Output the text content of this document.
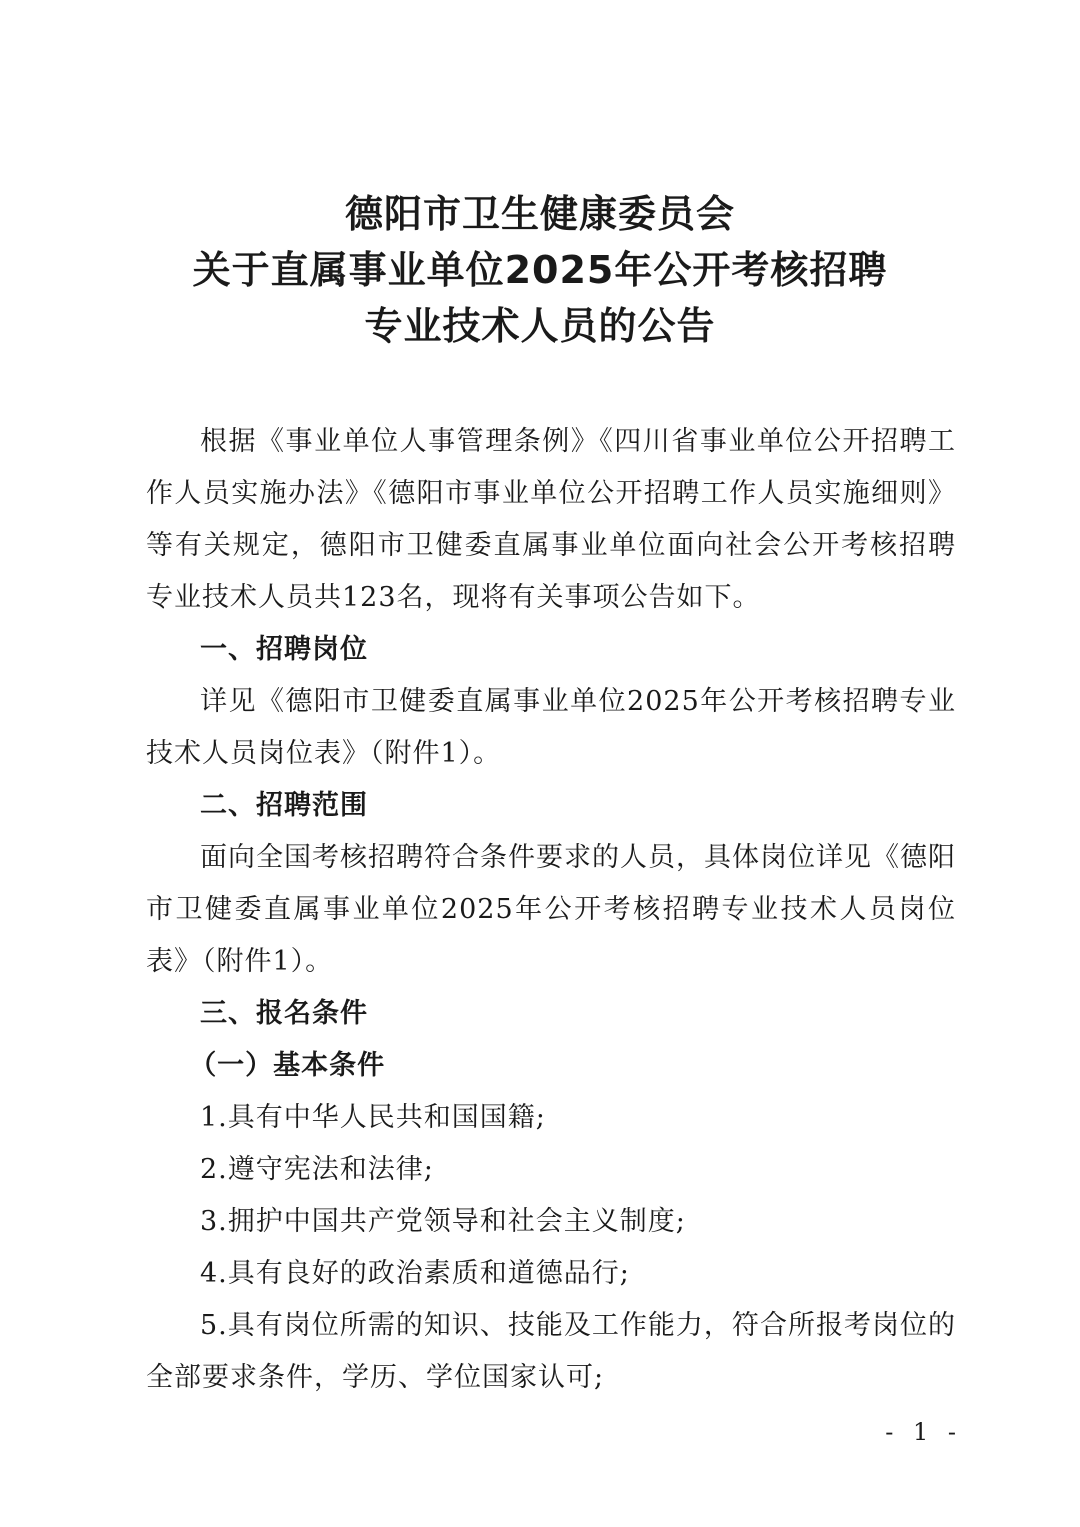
德阳市卫生健康委员会
关于直属事业单位2025年公开考核招聘
专业技术人员的公告

根据《事业单位人事管理条例》《四川省事业单位公开招聘工作人员实施办法》《德阳市事业单位公开招聘工作人员实施细则》等有关规定，德阳市卫健委直属事业单位面向社会公开考核招聘专业技术人员共123名，现将有关事项公告如下。

一、招聘岗位

详见《德阳市卫健委直属事业单位2025年公开考核招聘专业技术人员岗位表》（附件1）。

二、招聘范围

面向全国考核招聘符合条件要求的人员，具体岗位详见《德阳市卫健委直属事业单位2025年公开考核招聘专业技术人员岗位表》（附件1）。

三、报名条件

（一）基本条件

1.具有中华人民共和国国籍;

2.遵守宪法和法律;

3.拥护中国共产党领导和社会主义制度;

4.具有良好的政治素质和道德品行;

5.具有岗位所需的知识、技能及工作能力，符合所报考岗位的全部要求条件，学历、学位国家认可;

- 1 -
